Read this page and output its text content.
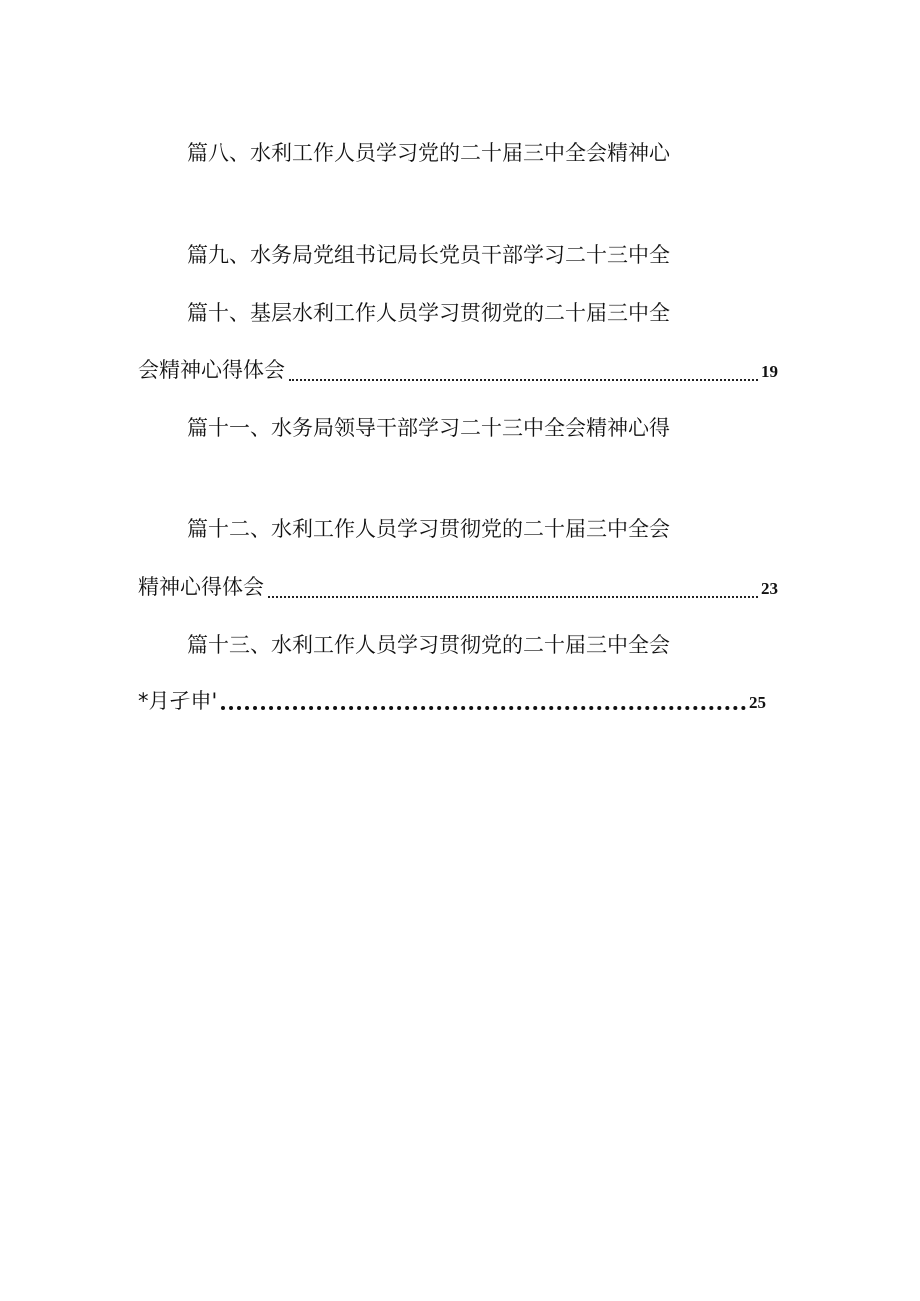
篇八、水利工作人员学习党的二十届三中全会精神心
篇九、水务局党组书记局长党员干部学习二十三中全
篇十、基层水利工作人员学习贯彻党的二十届三中全
会精神心得体会	19
篇十一、水务局领导干部学习二十三中全会精神心得
篇十二、水利工作人员学习贯彻党的二十届三中全会
精神心得体会	23
篇十三、水利工作人员学习贯彻党的二十届三中全会
*月孑申'	25
